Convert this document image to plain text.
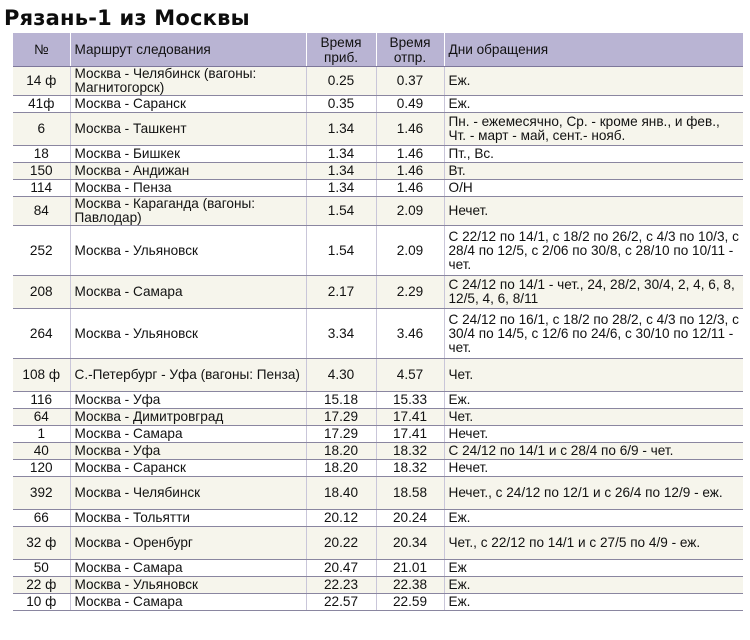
Рязань-1 из Москвы
№	Маршрут следования	Время приб.	Время отпр.	Дни обращения
14 ф	Москва - Челябинск (вагоны: Магнитогорск)	0.25	0.37	Еж.
41ф	Москва - Саранск	0.35	0.49	Еж.
6	Москва - Ташкент	1.34	1.46	Пн. - ежемесячно, Ср. - кроме янв., и фев., Чт. - март - май, сент.- нояб.
18	Москва - Бишкек	1.34	1.46	Пт., Вс.
150	Москва - Андижан	1.34	1.46	Вт.
114	Москва - Пенза	1.34	1.46	О/Н
84	Москва - Караганда (вагоны: Павлодар)	1.54	2.09	Нечет.
252	Москва - Ульяновск	1.54	2.09	С 22/12 по 14/1, с 18/2 по 26/2, с 4/3 по 10/3, с 28/4 по 12/5, с 2/06 по 30/8, с 28/10 по 10/11 - чет.
208	Москва - Самара	2.17	2.29	С 24/12 по 14/1 - чет., 24, 28/2, 30/4, 2, 4, 6, 8, 12/5, 4, 6, 8/11
264	Москва - Ульяновск	3.34	3.46	С 24/12 по 16/1, с 18/2 по 28/2, с 4/3 по 12/3, с 30/4 по 14/5, с 12/6 по 24/6, с 30/10 по 12/11 - чет.
108 ф	С.-Петербург - Уфа (вагоны: Пенза)	4.30	4.57	Чет.
116	Москва - Уфа	15.18	15.33	Еж.
64	Москва - Димитровград	17.29	17.41	Чет.
1	Москва - Самара	17.29	17.41	Нечет.
40	Москва - Уфа	18.20	18.32	С 24/12 по 14/1 и с 28/4 по 6/9 - чет.
120	Москва - Саранск	18.20	18.32	Нечет.
392	Москва - Челябинск	18.40	18.58	Нечет., с 24/12 по 12/1 и с 26/4 по 12/9 - еж.
66	Москва - Тольятти	20.12	20.24	Еж.
32 ф	Москва - Оренбург	20.22	20.34	Чет., с 22/12 по 14/1 и с 27/5 по 4/9 - еж.
50	Москва - Самара	20.47	21.01	Еж
22 ф	Москва - Ульяновск	22.23	22.38	Еж.
10 ф	Москва - Самара	22.57	22.59	Еж.
